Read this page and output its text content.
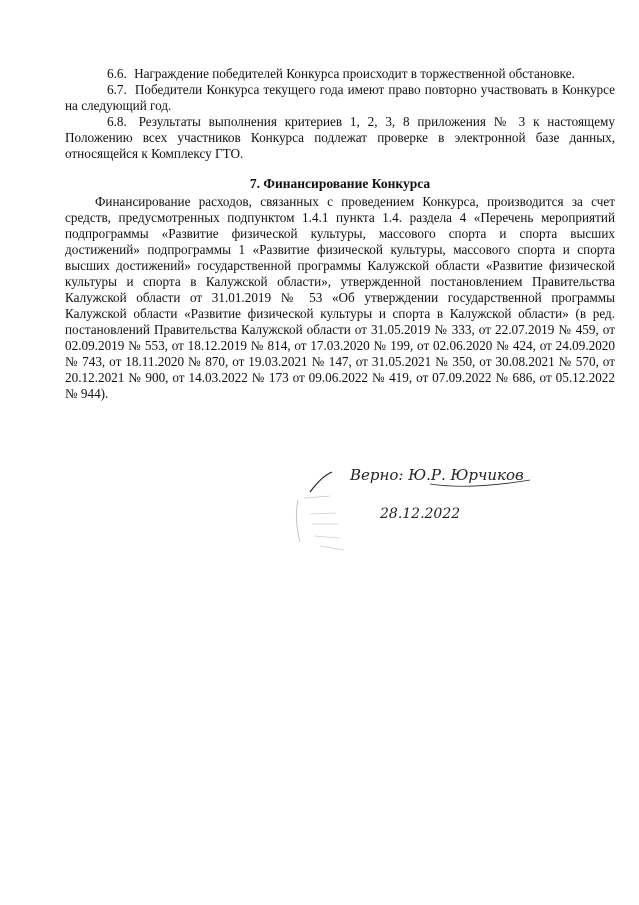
6.6. Награждение победителей Конкурса происходит в торжественной обстановке.

6.7. Победители Конкурса текущего года имеют право повторно участвовать в Конкурсе на следующий год.

6.8. Результаты выполнения критериев 1, 2, 3, 8 приложения № 3 к настоящему Положению всех участников Конкурса подлежат проверке в электронной базе данных, относящейся к Комплексу ГТО.

7. Финансирование Конкурса

Финансирование расходов, связанных с проведением Конкурса, производится за счет средств, предусмотренных подпунктом 1.4.1 пункта 1.4. раздела 4 «Перечень мероприятий подпрограммы «Развитие физической культуры, массового спорта и спорта высших достижений» подпрограммы 1 «Развитие физической культуры, массового спорта и спорта высших достижений» государственной программы Калужской области «Развитие физической культуры и спорта в Калужской области», утвержденной постановлением Правительства Калужской области от 31.01.2019 № 53 «Об утверждении государственной программы Калужской области «Развитие физической культуры и спорта в Калужской области» (в ред. постановлений Правительства Калужской области от 31.05.2019 № 333, от 22.07.2019 № 459, от 02.09.2019 № 553, от 18.12.2019 № 814, от 17.03.2020 № 199, от 02.06.2020 № 424, от 24.09.2020 № 743, от 18.11.2020 № 870, от 19.03.2021 № 147, от 31.05.2021 № 350, от 30.08.2021 № 570, от 20.12.2021 № 900, от 14.03.2022 № 173 от 09.06.2022 № 419, от 07.09.2022 № 686, от 05.12.2022 № 944).

Верно: Ю.Р. Юрчиков
28.12.2022
